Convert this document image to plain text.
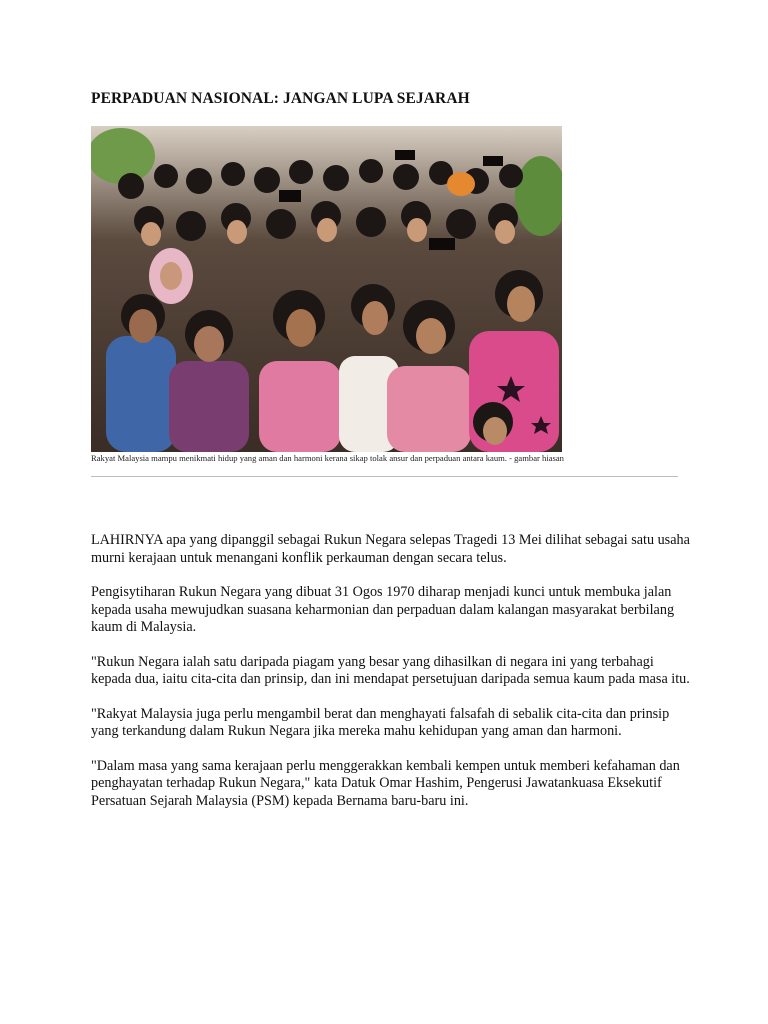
PERPADUAN NASIONAL: JANGAN LUPA SEJARAH
Rakyat Malaysia mampu menikmati hidup yang aman dan harmoni kerana sikap tolak ansur dan perpaduan antara kaum. - gambar hiasan

LAHIRNYA apa yang dipanggil sebagai Rukun Negara selepas Tragedi 13 Mei dilihat sebagai satu usaha murni kerajaan untuk menangani konflik perkauman dengan secara telus.

Pengisytiharan Rukun Negara yang dibuat 31 Ogos 1970 diharap menjadi kunci untuk membuka jalan kepada usaha mewujudkan suasana keharmonian dan perpaduan dalam kalangan masyarakat berbilang kaum di Malaysia.

"Rukun Negara ialah satu daripada piagam yang besar yang dihasilkan di negara ini yang terbahagi kepada dua, iaitu cita-cita dan prinsip, dan ini mendapat persetujuan daripada semua kaum pada masa itu.

"Rakyat Malaysia juga perlu mengambil berat dan menghayati falsafah di sebalik cita-cita dan prinsip yang terkandung dalam Rukun Negara jika mereka mahu kehidupan yang aman dan harmoni.

"Dalam masa yang sama kerajaan perlu menggerakkan kembali kempen untuk memberi kefahaman dan penghayatan terhadap Rukun Negara," kata Datuk Omar Hashim, Pengerusi Jawatankuasa Eksekutif Persatuan Sejarah Malaysia (PSM) kepada Bernama baru-baru ini.
